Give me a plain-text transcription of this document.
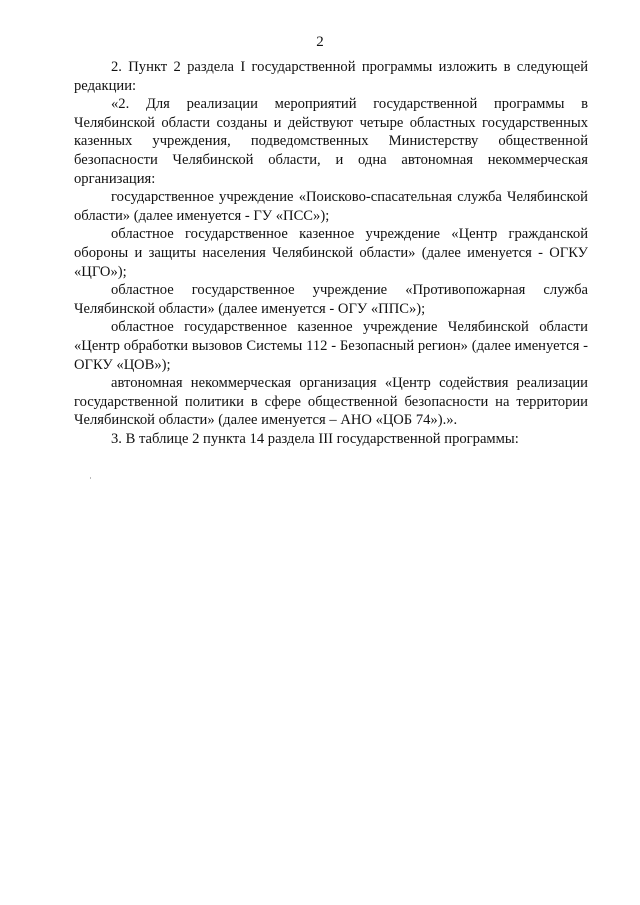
2

2. Пункт 2 раздела I государственной программы изложить в следующей редакции:

«2. Для реализации мероприятий государственной программы в Челябинской области созданы и действуют четыре областных государственных казенных учреждения, подведомственных Министерству общественной безопасности Челябинской области, и одна автономная некоммерческая организация:

государственное учреждение «Поисково-спасательная служба Челябинской области» (далее именуется - ГУ «ПСС»);

областное государственное казенное учреждение «Центр гражданской обороны и защиты населения Челябинской области» (далее именуется - ОГКУ «ЦГО»);

областное государственное учреждение «Противопожарная служба Челябинской области» (далее именуется - ОГУ «ППС»);

областное государственное казенное учреждение Челябинской области «Центр обработки вызовов Системы 112 - Безопасный регион» (далее именуется - ОГКУ «ЦОВ»);

автономная некоммерческая организация «Центр содействия реализации государственной политики в сфере общественной безопасности на территории Челябинской области» (далее именуется – АНО «ЦОБ 74»).».

3. В таблице 2 пункта 14 раздела III государственной программы:
